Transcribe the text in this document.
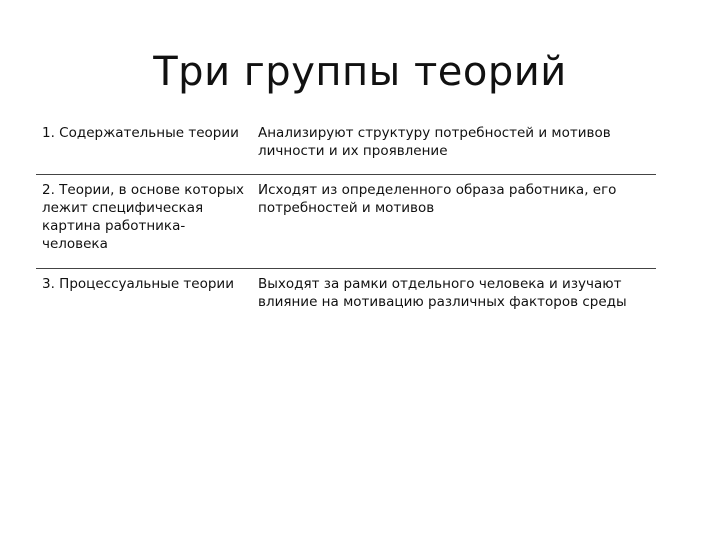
Три группы теорий
1. Содержательные теории	Анализируют структуру потребностей и мотивов личности и их проявление
2. Теории, в основе которых лежит специфическая картина работника-человека
Исходят из определенного образа работника, его потребностей и мотивов
3. Процессуальные теории	Выходят за рамки отдельного человека и изучают влияние на мотивацию различных факторов среды
